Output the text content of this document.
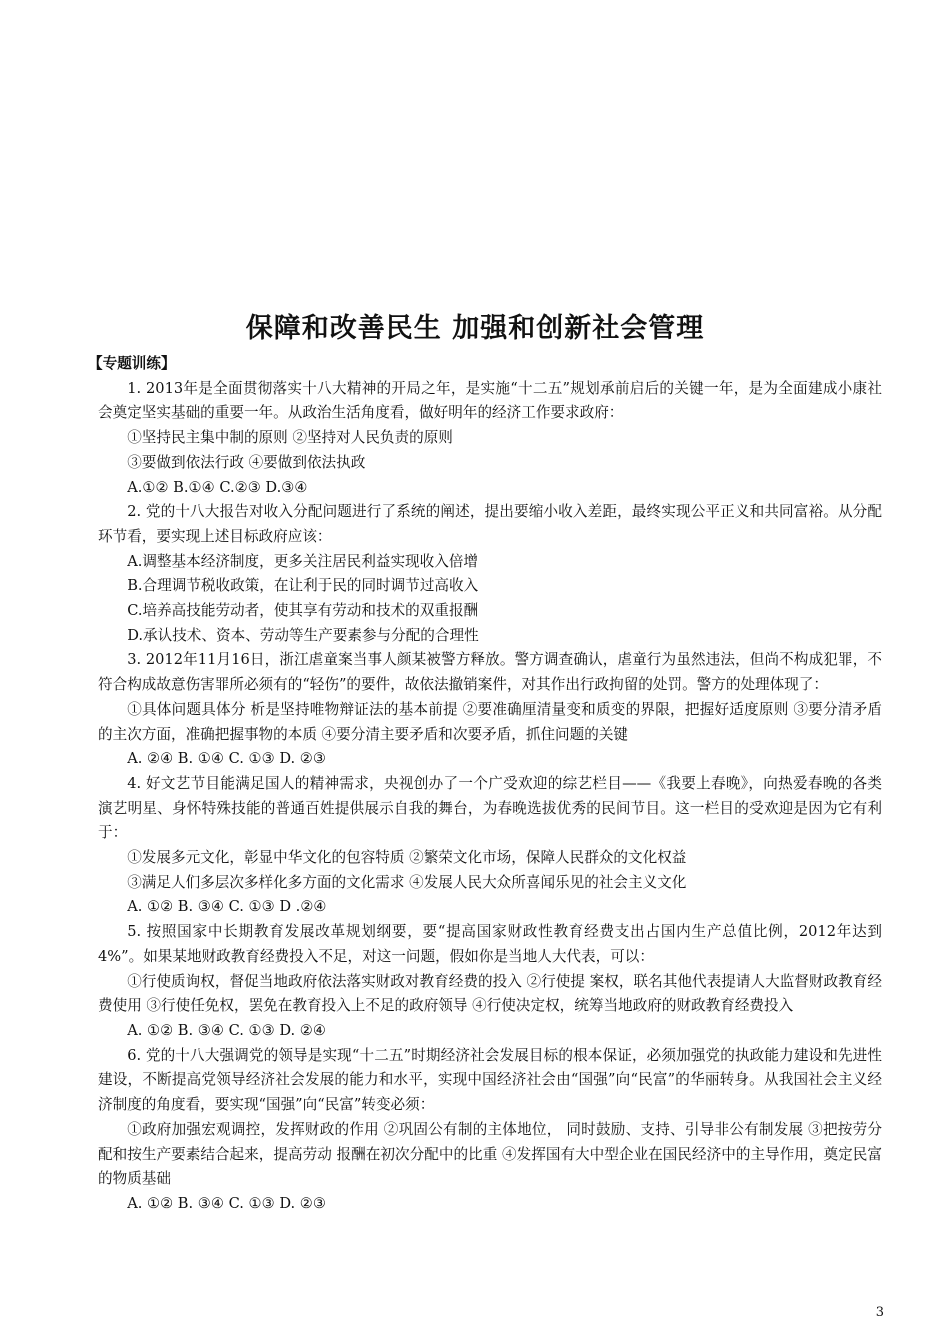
保障和改善民生 加强和创新社会管理
【专题训练】

1. 2013年是全面贯彻落实十八大精神的开局之年，是实施“十二五”规划承前启后的关键一年，是为全面建成小康社会奠定坚实基础的重要一年。从政治生活角度看，做好明年的经济工作要求政府：

①坚持民主集中制的原则 ②坚持对人民负责的原则

③要做到依法行政 ④要做到依法执政

A.①② B.①④ C.②③ D.③④

2. 党的十八大报告对收入分配问题进行了系统的阐述，提出要缩小收入差距，最终实现公平正义和共同富裕。从分配环节看，要实现上述目标政府应该：

A.调整基本经济制度，更多关注居民利益实现收入倍增

B.合理调节税收政策，在让利于民的同时调节过高收入

C.培养高技能劳动者，使其享有劳动和技术的双重报酬

D.承认技术、资本、劳动等生产要素参与分配的合理性

3. 2012年11月16日，浙江虐童案当事人颜某被警方释放。警方调查确认，虐童行为虽然违法，但尚不构成犯罪，不符合构成故意伤害罪所必须有的“轻伤”的要件，故依法撤销案件，对其作出行政拘留的处罚。警方的处理体现了：

①具体问题具体分 析是坚持唯物辩证法的基本前提 ②要准确厘清量变和质变的界限，把握好适度原则 ③要分清矛盾的主次方面，准确把握事物的本质 ④要分清主要矛盾和次要矛盾，抓住问题的关键

A. ②④ B. ①④ C. ①③ D. ②③

4. 好文艺节目能满足国人的精神需求，央视创办了一个广受欢迎的综艺栏目——《我要上春晚》，向热爱春晚的各类演艺明星、身怀特殊技能的普通百姓提供展示自我的舞台，为春晚选拔优秀的民间节目。这一栏目的受欢迎是因为它有利于：

①发展多元文化，彰显中华文化的包容特质 ②繁荣文化市场，保障人民群众的文化权益

③满足人们多层次多样化多方面的文化需求 ④发展人民大众所喜闻乐见的社会主义文化

A. ①② B. ③④ C. ①③ D .②④

5. 按照国家中长期教育发展改革规划纲要，要“提高国家财政性教育经费支出占国内生产总值比例，2012年达到4%”。如果某地财政教育经费投入不足，对这一问题，假如你是当地人大代表，可以：

①行使质询权，督促当地政府依法落实财政对教育经费的投入 ②行使提 案权，联名其他代表提请人大监督财政教育经费使用 ③行使任免权，罢免在教育投入上不足的政府领导 ④行使决定权，统筹当地政府的财政教育经费投入

A. ①② B. ③④ C. ①③ D. ②④

6. 党的十八大强调党的领导是实现“十二五”时期经济社会发展目标的根本保证，必须加强党的执政能力建设和先进性建设，不断提高党领导经济社会发展的能力和水平，实现中国经济社会由“国强”向“民富”的华丽转身。从我国社会主义经济制度的角度看，要实现“国强”向“民富”转变必须：

①政府加强宏观调控，发挥财政的作用 ②巩固公有制的主体地位， 同时鼓励、支持、引导非公有制发展 ③把按劳分配和按生产要素结合起来，提高劳动 报酬在初次分配中的比重 ④发挥国有大中型企业在国民经济中的主导作用，奠定民富的物质基础

A. ①② B. ③④ C. ①③ D. ②③

3
